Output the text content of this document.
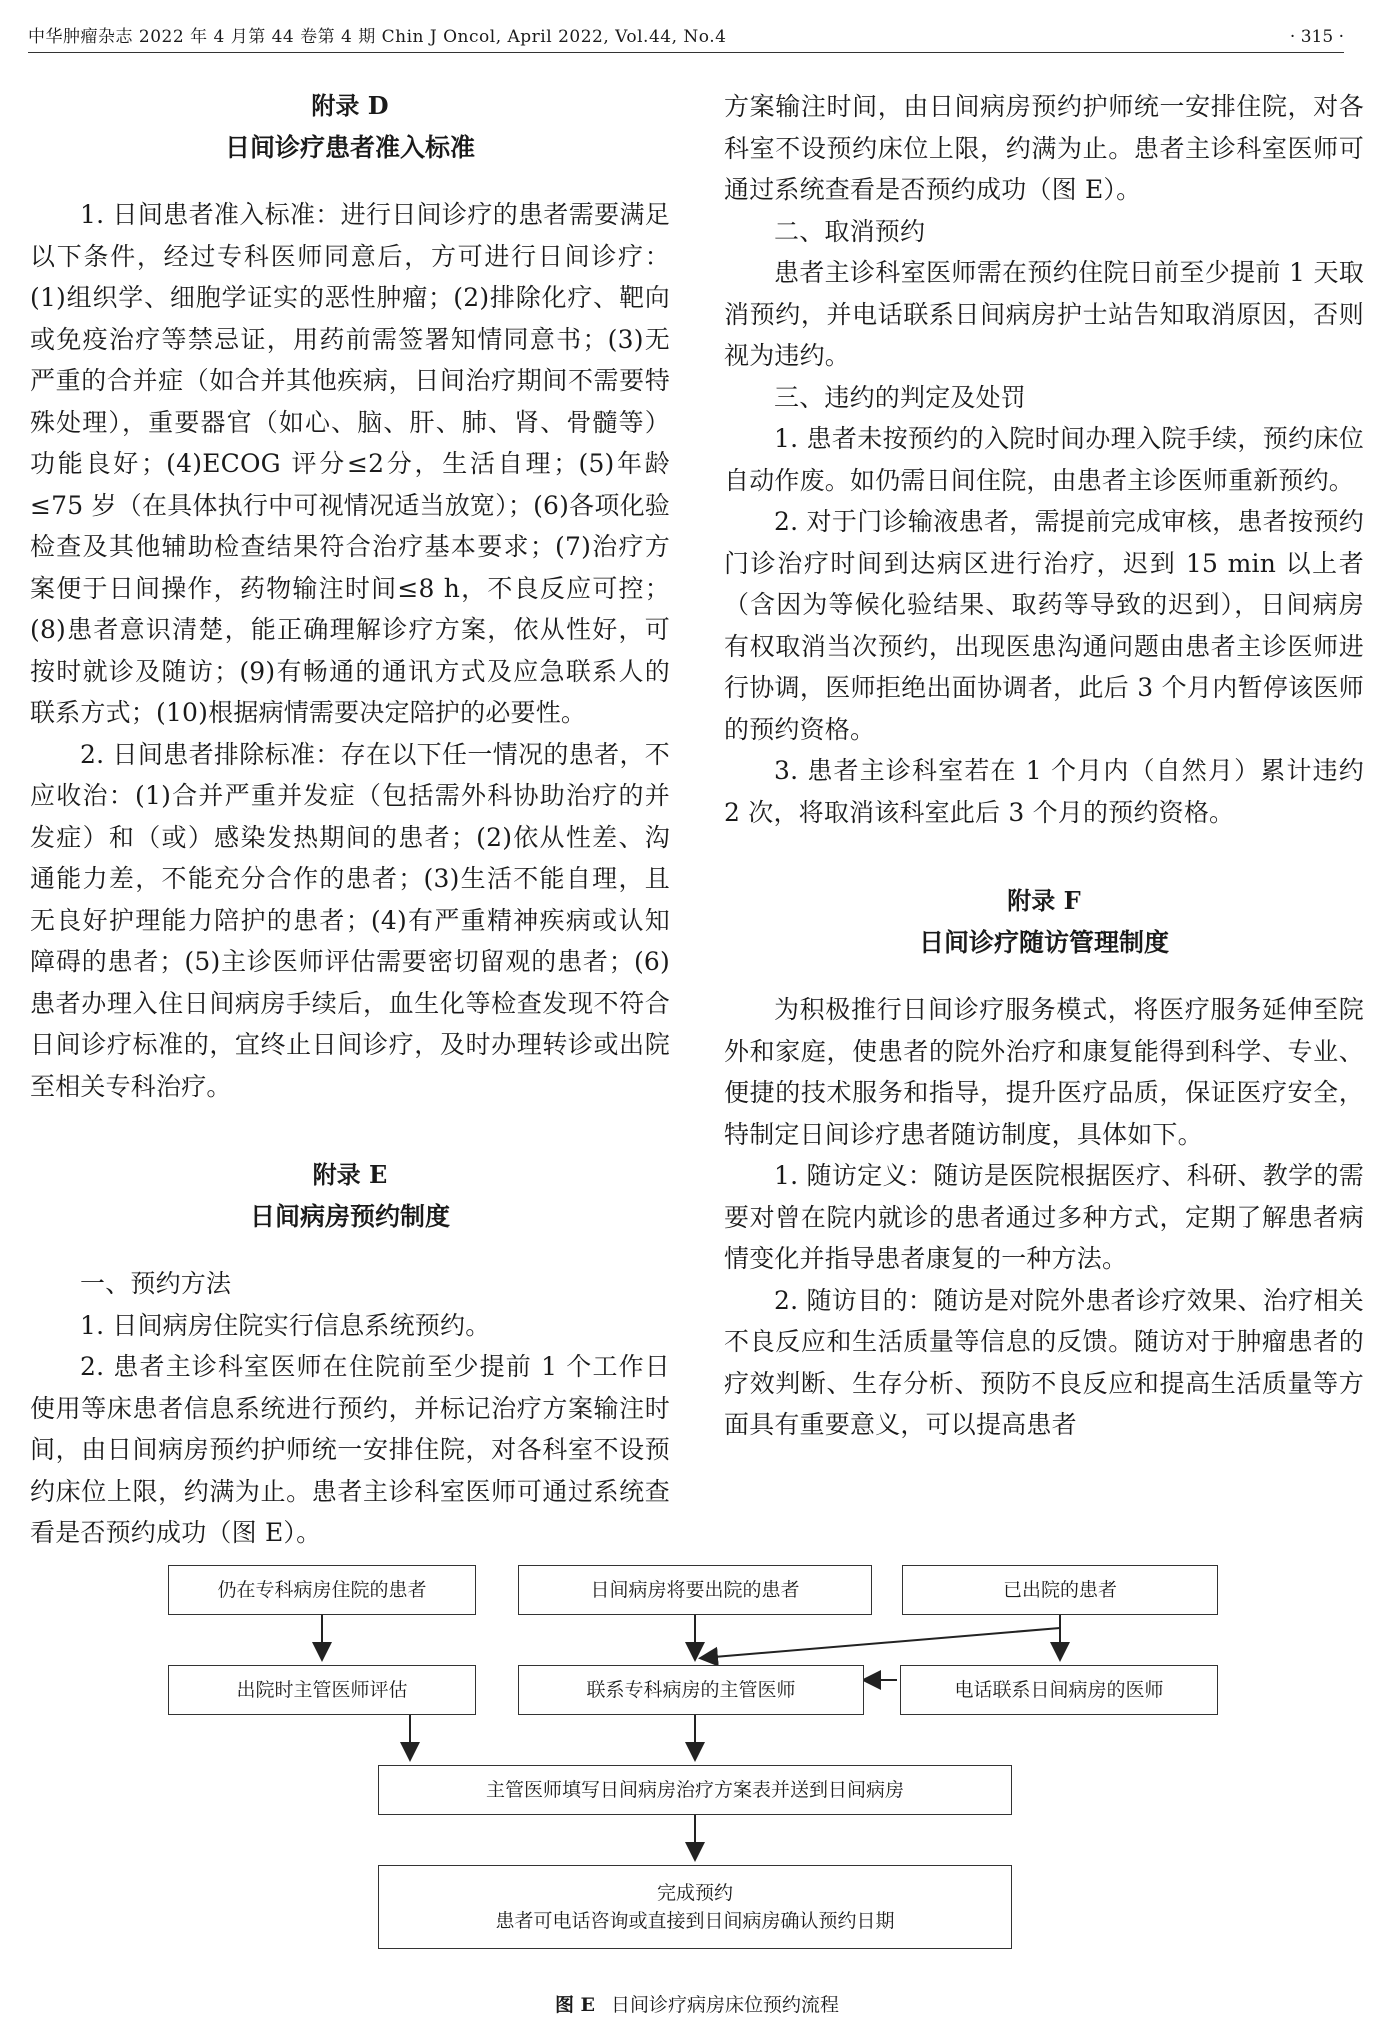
中华肿瘤杂志 2022 年 4 月第 44 卷第 4 期 Chin J Oncol, April 2022, Vol.44, No.4	· 315 ·
附录 D
日间诊疗患者准入标准

1. 日间患者准入标准：进行日间诊疗的患者需要满足以下条件，经过专科医师同意后，方可进行日间诊疗：(1)组织学、细胞学证实的恶性肿瘤；(2)排除化疗、靶向或免疫治疗等禁忌证，用药前需签署知情同意书；(3)无严重的合并症（如合并其他疾病，日间治疗期间不需要特殊处理），重要器官（如心、脑、肝、肺、肾、骨髓等）功能良好；(4)ECOG 评分≤2分，生活自理；(5)年龄≤75 岁（在具体执行中可视情况适当放宽）；(6)各项化验检查及其他辅助检查结果符合治疗基本要求；(7)治疗方案便于日间操作，药物输注时间≤8 h，不良反应可控；(8)患者意识清楚，能正确理解诊疗方案，依从性好，可按时就诊及随访；(9)有畅通的通讯方式及应急联系人的联系方式；(10)根据病情需要决定陪护的必要性。

2. 日间患者排除标准：存在以下任一情况的患者，不应收治：(1)合并严重并发症（包括需外科协助治疗的并发症）和（或）感染发热期间的患者；(2)依从性差、沟通能力差，不能充分合作的患者；(3)生活不能自理，且无良好护理能力陪护的患者；(4)有严重精神疾病或认知障碍的患者；(5)主诊医师评估需要密切留观的患者；(6)患者办理入住日间病房手续后，血生化等检查发现不符合日间诊疗标准的，宜终止日间诊疗，及时办理转诊或出院至相关专科治疗。

附录 E
日间病房预约制度

一、预约方法

1. 日间病房住院实行信息系统预约。

2. 患者主诊科室医师在住院前至少提前 1 个工作日使用等床患者信息系统进行预约，并标记治疗方案输注时间，由日间病房预约护师统一安排住院，对各科室不设预约床位上限，约满为止。患者主诊科室医师可通过系统查看是否预约成功（图 E）。

方案输注时间，由日间病房预约护师统一安排住院，对各科室不设预约床位上限，约满为止。患者主诊科室医师可通过系统查看是否预约成功（图 E）。

二、取消预约

患者主诊科室医师需在预约住院日前至少提前 1 天取消预约，并电话联系日间病房护士站告知取消原因，否则视为违约。

三、违约的判定及处罚

1. 患者未按预约的入院时间办理入院手续，预约床位自动作废。如仍需日间住院，由患者主诊医师重新预约。

2. 对于门诊输液患者，需提前完成审核，患者按预约门诊治疗时间到达病区进行治疗，迟到 15 min 以上者（含因为等候化验结果、取药等导致的迟到），日间病房有权取消当次预约，出现医患沟通问题由患者主诊医师进行协调，医师拒绝出面协调者，此后 3 个月内暂停该医师的预约资格。

3. 患者主诊科室若在 1 个月内（自然月）累计违约 2 次，将取消该科室此后 3 个月的预约资格。

附录 F
日间诊疗随访管理制度

为积极推行日间诊疗服务模式，将医疗服务延伸至院外和家庭，使患者的院外治疗和康复能得到科学、专业、便捷的技术服务和指导，提升医疗品质，保证医疗安全，特制定日间诊疗患者随访制度，具体如下。

1. 随访定义：随访是医院根据医疗、科研、教学的需要对曾在院内就诊的患者通过多种方式，定期了解患者病情变化并指导患者康复的一种方法。

2. 随访目的：随访是对院外患者诊疗效果、治疗相关不良反应和生活质量等信息的反馈。随访对于肿瘤患者的疗效判断、生存分析、预防不良反应和提高生活质量等方面具有重要意义，可以提高患者

仍在专科病房住院的患者	日间病房将要出院的患者	已出院的患者
出院时主管医师评估	联系专科病房的主管医师	电话联系日间病房的医师
主管医师填写日间病房治疗方案表并送到日间病房
完成预约
患者可电话咨询或直接到日间病房确认预约日期
图 E 日间诊疗病房床位预约流程
